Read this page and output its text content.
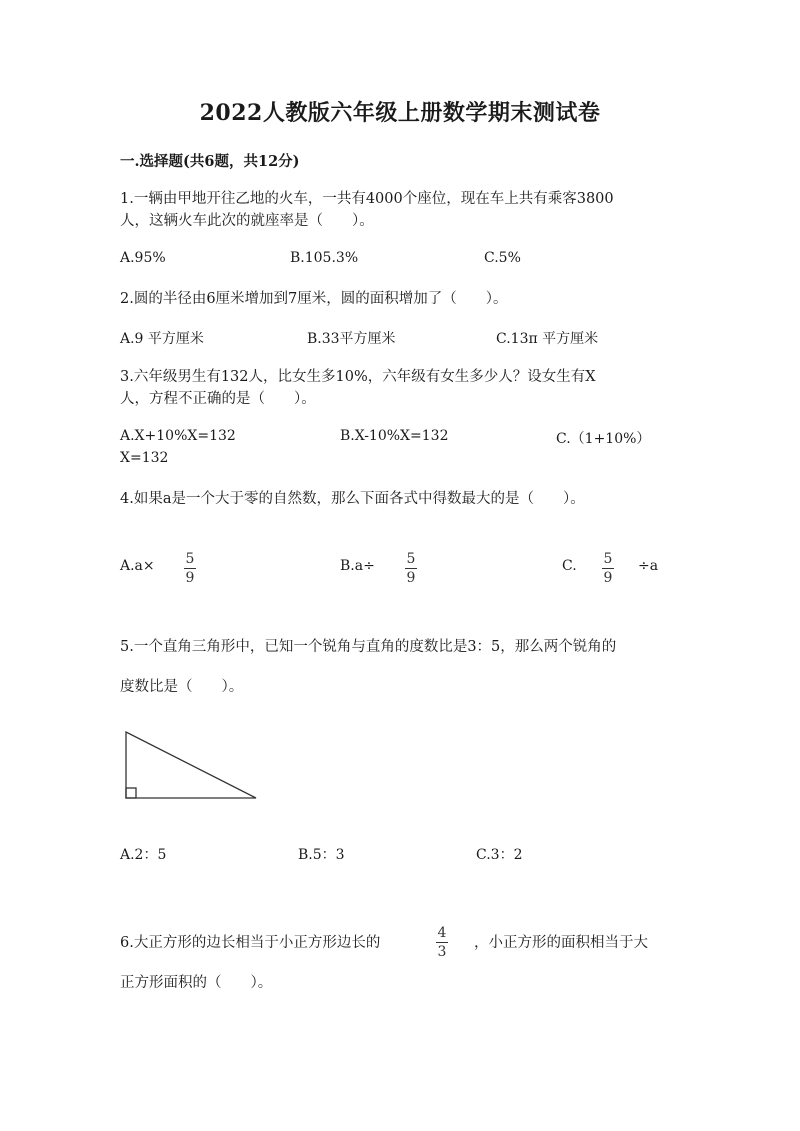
2022人教版六年级上册数学期末测试卷
一.选择题(共6题，共12分)
1.一辆由甲地开往乙地的火车，一共有4000个座位，现在车上共有乘客3800
人，这辆火车此次的就座率是（　　）。
A.95%	B.105.3%	C.5%
2.圆的半径由6厘米增加到7厘米，圆的面积增加了（　　）。
A.9 平方厘米	B.33平方厘米	C.13π 平方厘米
3.六年级男生有132人，比女生多10%，六年级有女生多少人？设女生有X
人，方程不正确的是（　　）。
A.X+10%X=132	B.X-10%X=132	C.（1+10%）
X=132
4.如果a是一个大于零的自然数，那么下面各式中得数最大的是（　　）。
A.a× 5
9
B.a÷ 5
9
C. 5
9
÷a
5.一个直角三角形中，已知一个锐角与直角的度数比是3：5，那么两个锐角的
度数比是（　　）。
A.2：5	B.5：3	C.3：2
6.大正方形的边长相当于小正方形边长的
4
3
，小正方形的面积相当于大
正方形面积的（　　）。
